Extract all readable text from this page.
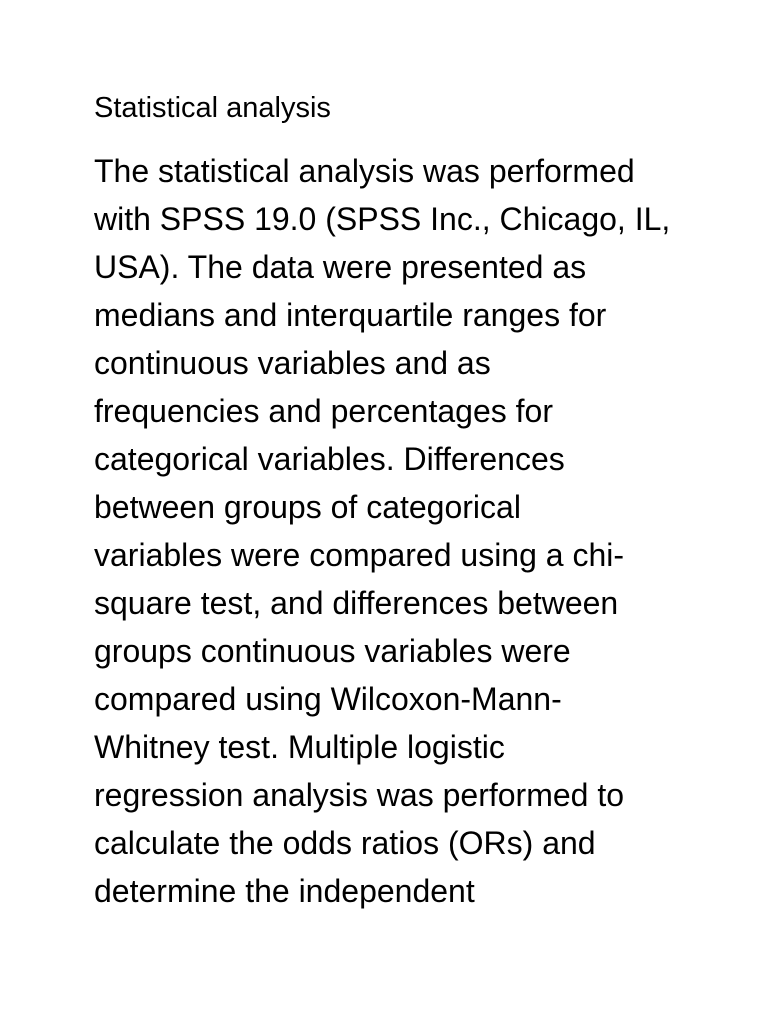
Statistical analysis
The statistical analysis was performed
with SPSS 19.0 (SPSS Inc., Chicago, IL,
USA). The data were presented as
medians and interquartile ranges for
continuous variables and as
frequencies and percentages for
categorical variables. Differences
between groups of categorical
variables were compared using a chi-
square test, and differences between
groups continuous variables were
compared using Wilcoxon-Mann-
Whitney test. Multiple logistic
regression analysis was performed to
calculate the odds ratios (ORs) and
determine the independent
